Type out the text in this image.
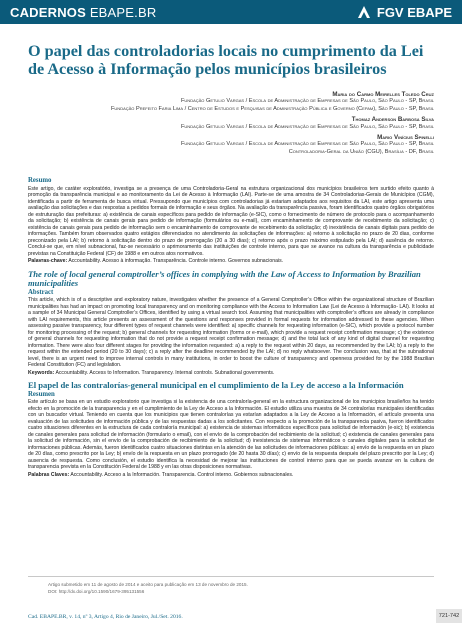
CADERNOS EBAPE.BR	FGV EBAPE
O papel das controladorias locais no cumprimento da Lei de Acesso à Informação pelos municípios brasileiros
Maria do Carmo Meirelles Toledo Cruz
Fundação Getulio Vargas / Escola de Administração de Empresas de São Paulo, São Paulo - SP, Brasil
Fundação Prefeito Faria Lima / Centro de Estudos e Pesquisas de Administração Pública e Governo (Cepam), São Paulo - SP, Brasil
Thomaz Anderson Barbosa Silva
Fundação Getulio Vargas / Escola de Administração de Empresas de São Paulo, São Paulo - SP, Brasil
Mario Vinícius Spinelli
Fundação Getulio Vargas / Escola de Administração de Empresas de São Paulo, São Paulo - SP, Brasil
Controladoria-Geral da União (CGU), Brasília - DF, Brasil
Resumo

Este artigo, de caráter exploratório, investiga se a presença de uma Controladoria-Geral na estrutura organizacional dos municípios brasileiros tem surtido efeito quanto à promoção da transparência municipal e ao monitoramento da Lei de Acesso à Informação (LAI). Parte-se de uma amostra de 34 Controladorias-Gerais de Municípios (CGM), identificada a partir de ferramenta de busca virtual. Pressupondo que municípios com controladorias já estariam adaptados aos requisitos da LAI, este artigo apresenta uma avaliação das solicitações e das respostas a pedidos formais de informação e seus órgãos. Na avaliação da transparência passiva, foram identificados quatro órgãos obrigatórios de estruturação das prefeituras: a) existência de canais específicos para pedido de informação (e-SIC), como o fornecimento de número de protocolo para o acompanhamento da solicitação; b) existência de canais gerais para pedido de informação (formulários ou e-mail), com encaminhamento de comprovante de recebimento da solicitação; c) existência de canais gerais para pedido de informação sem o encaminhamento de comprovante de recebimento da solicitação; d) inexistência de canais digitais para pedido de informações. Também foram observados quatro estágios diferenciados no atendimento às solicitações de informações: a) retorno à solicitação no prazo de 20 dias, conforme preconizado pela LAI; b) retorno à solicitação dentro do prazo de prorrogação (20 a 30 dias); c) retorno após o prazo máximo estipulado pela LAI; d) ausência de retorno. Conclui-se que, em nível subnacional, faz-se necessário o aprimoramento das instituições de controle interno, para que se avance na cultura da transparência e publicidade previstas na Constituição Federal (CF) de 1988 e em outros atos normativos.

Palavras-chave: Accountability. Acesso à informação. Transparência. Controle interno. Governos subnacionais.

The role of local general comptroller’s offices in complying with the Law of Access to Information by Brazilian municipalities
Abstract

This article, which is of a descriptive and exploratory nature, investigates whether the presence of a General Comptroller’s Office within the organizational structure of Brazilian municipalities has had an impact on promoting local transparency and on monitoring compliance with the Access to Information Law (Lei de Acesso à Informação- LAI). It looks at a sample of 34 Municipal General Comptroller’s Offices, identified by using a virtual search tool. Assuming that municipalities with comptroller’s offices are already in compliance with LAI requirements, this article presents an assessment of the questions and responses provided in formal requests for information addressed to these agencies. When assessing passive transparency, four different types of request channels were identified: a) specific channels for requesting information (e-SIC), which provide a protocol number for monitoring processing of the request; b) general channels for requesting information (forms or e-mail), which provide a request receipt confirmation message; c) the existence of general channels for requesting information that do not provide a request receipt confirmation message; d) and the total lack of any kind of digital channel for requesting information. There were also four different stages for providing the information requested: a) a reply to the request within 20 days, as recommended by the LAI; b) a reply to the request within the extended period (20 to 30 days); c) a reply after the deadline recommended by the LAI; d) no reply whatsoever. The conclusion was, that at the subnational level, there is an urgent need to improve internal controls in many institutions, in order to boost the culture of transparency and openness provided for by the 1988 Brazilian Federal Constitution (FC) and legislation.

Keywords: Accountability. Access to Information. Transparency. Internal controls. Subnational governments.

El papel de las contralorías-general municipal en el cumplimiento de la Ley de acceso a la Información
Resumen

Este artículo se basa en un estudio exploratorio que investiga si la existencia de una contraloría-general en la estructura organizacional de los municipios brasileños ha tenido efecto en la promoción de la transparencia y en el cumplimiento de la Ley de Acceso a la Información. El estudio utiliza una muestra de 34 contralorías municipales identificadas con un buscador virtual. Teniendo en cuenta que los municipios que tienen contralorías ya estarían adaptados a la Ley de Acceso a la Información, el artículo presenta una evaluación de las solicitudes de información pública y de las respuestas dadas a los solicitantes. Con respecto a la promoción de la transparencia pasiva, fueron identificados cuatro situaciones diferentes en la estructura de cada contraloría municipal: a) existencia de sistemas informáticos específicos para solicitud de información (e-sic); b) existencia de canales generales para solicitud de información (formulario o email), con el envío de la comprobación del recibimiento de la solicitud; c) existencia de canales generales para la solicitud de información, sin el envío de la comprobación de recibimiento de la solicitud; d) inexistencia de sistemas informáticos o canales digitales para la solicitud de informaciones públicas. Además, fueron identificados cuatro situaciones distintas en la atención de las solicitudes de informaciones públicas: a) envío de la respuesta en un plazo de 20 días, como prescrito por la Ley; b) envío de la respuesta en un plazo prorrogado (de 20 hasta 30 días); c) envío de la respuesta después del plazo prescrito por la Ley; d) ausencia de respuesta. Como conclusión, el estudio identifica la necesidad de mejorar las instituciones de control interno para que se pueda avanzar en la cultura de transparencia prevista en la Constitución Federal de 1988 y en las otras disposiciones normativas.

Palabras Claves: Accountability. Acceso a la Información. Transparencia. Control interno. Gobiernos subnacionales.

Artigo submetido em 11 de agosto de 2014 e aceito para publicação em 13 de novembro de 2015.
DOI: http://dx.doi.org/10.1590/1679-395131556
Cad. EBAPE.BR, v. 14, nº 3, Artigo 4, Rio de Janeiro, Jul./Set. 2016.	721-742
